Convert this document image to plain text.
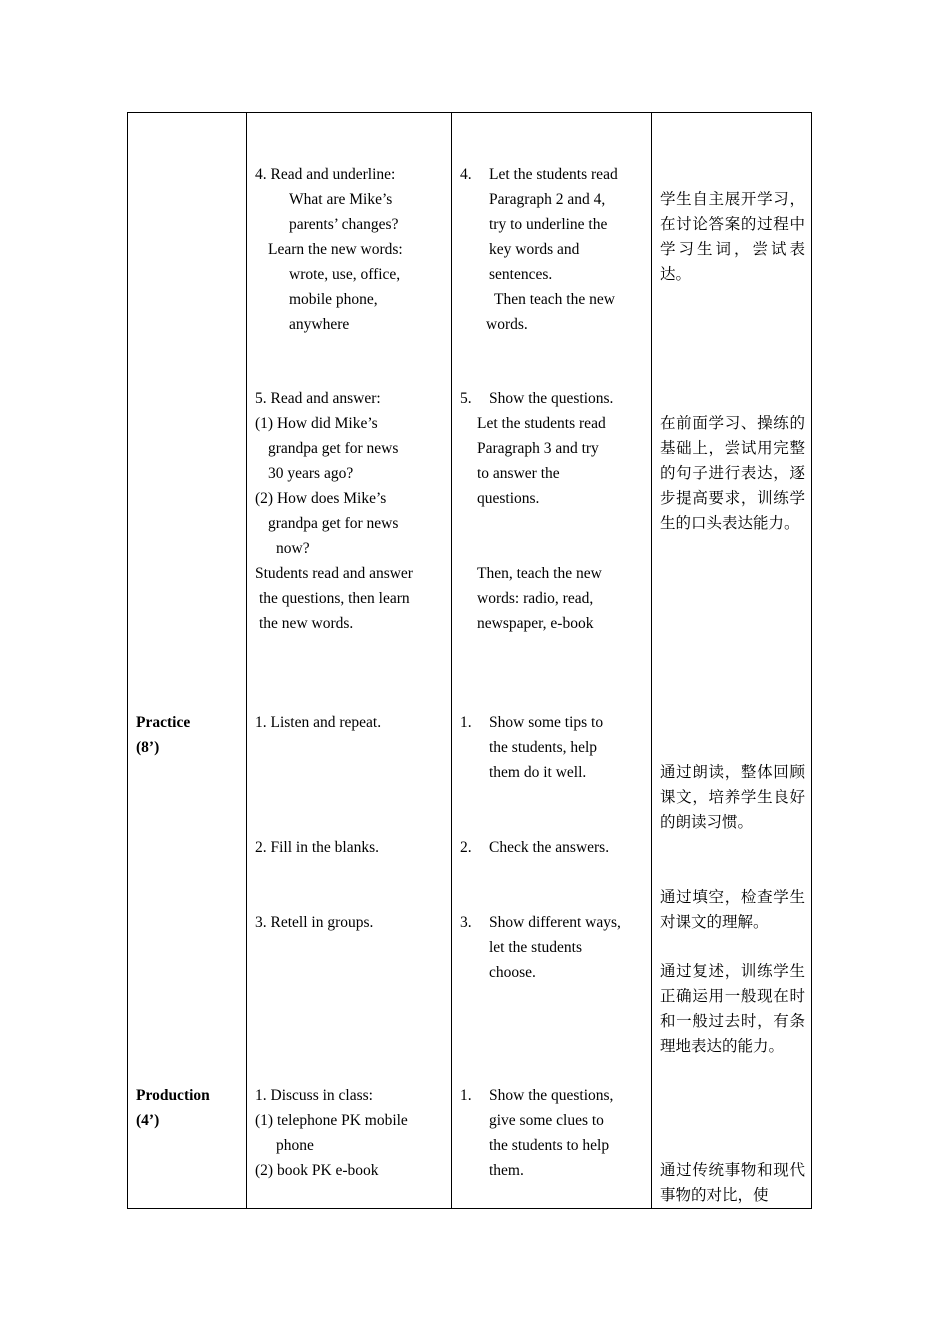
Practice
(8’)
Production
(4’)
4. Read and underline:
What are Mike’s
parents’ changes?
Learn the new words:
wrote, use, office,
mobile phone,
anywhere
5. Read and answer:
(1) How did Mike’s
grandpa get for news
30 years ago?
(2) How does Mike’s
grandpa get for news
now?
Students read and answer
the questions, then learn
the new words.
1. Listen and repeat.
2. Fill in the blanks.
3. Retell in groups.
1. Discuss in class:
(1) telephone PK mobile
phone
(2) book PK e-book
4. Let the students read
Paragraph 2 and 4,
try to underline the
key words and
sentences.
Then teach the new
words.
5. Show the questions.
Let the students read
Paragraph 3 and try
to answer the
questions.
Then, teach the new
words: radio, read,
newspaper, e-book
1. Show some tips to
the students, help
them do it well.
2. Check the answers.
3. Show different ways,
let the students
choose.
1. Show the questions,
give some clues to
the students to help
them.
学生自主展开学习，在讨论答案的过程中学习生词，尝试表达。
在前面学习、操练的基础上，尝试用完整的句子进行表达，逐步提高要求，训练学生的口头表达能力。
通过朗读，整体回顾课文，培养学生良好的朗读习惯。
通过填空，检查学生对课文的理解。
通过复述，训练学生正确运用一般现在时和一般过去时，有条理地表达的能力。
通过传统事物和现代事物的对比，使
